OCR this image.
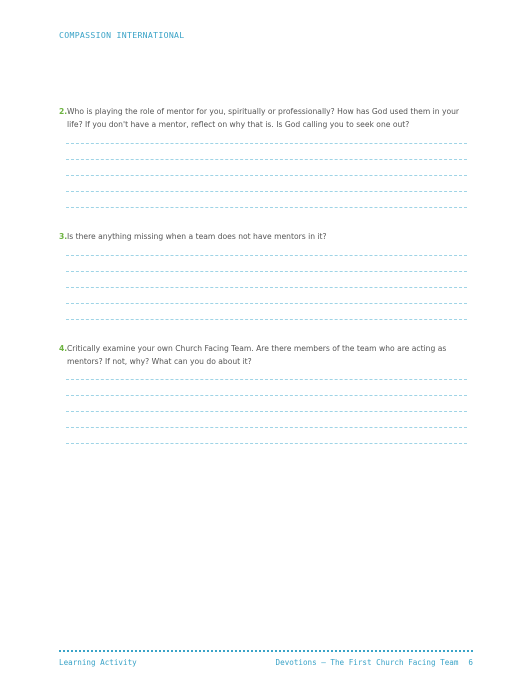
COMPASSION INTERNATIONAL
2. Who is playing the role of mentor for you, spiritually or professionally? How has God used them in your life? If you don't have a mentor, reflect on why that is. Is God calling you to seek one out?
3. Is there anything missing when a team does not have mentors in it?
4. Critically examine your own Church Facing Team. Are there members of the team who are acting as mentors? If not, why? What can you do about it?
Learning Activity	Devotions — The First Church Facing Team 6
